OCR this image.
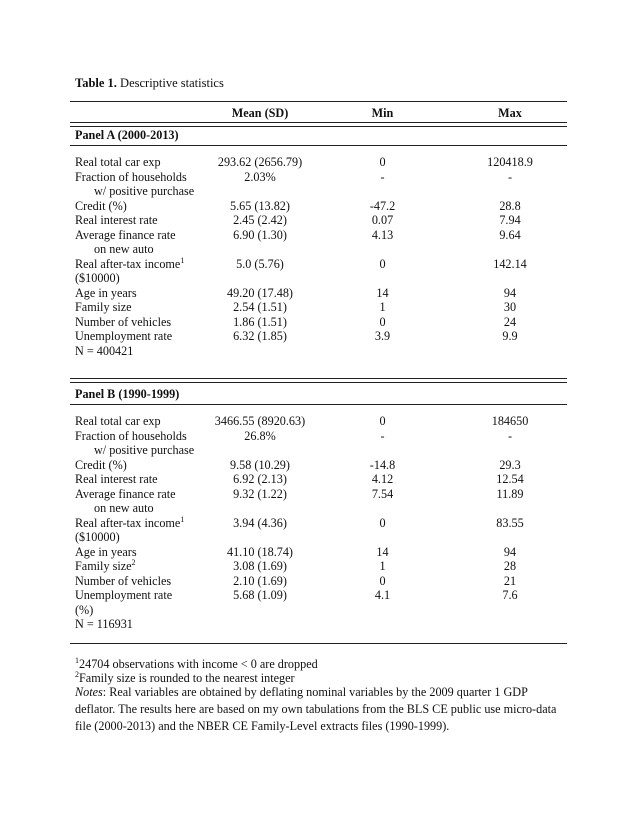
Table 1. Descriptive statistics
Mean (SD)	Min	Max
Panel A (2000-2013)
Real total car exp	293.62 (2656.79)	0	120418.9
Fraction of households	2.03%	-	-
w/ positive purchase
Credit (%)	5.65 (13.82)	-47.2	28.8
Real interest rate	2.45 (2.42)	0.07	7.94
Average finance rate	6.90 (1.30)	4.13	9.64
on new auto
Real after-tax income$^1$	5.0 (5.76)	0	142.14
($10000)
Age in years	49.20 (17.48)	14	94
Family size	2.54 (1.51)	1	30
Number of vehicles	1.86 (1.51)	0	24
Unemployment rate	6.32 (1.85)	3.9	9.9
N = 400421
Panel B (1990-1999)
Real total car exp	3466.55 (8920.63)	0	184650
Fraction of households	26.8%	-	-
w/ positive purchase
Credit (%)	9.58 (10.29)	-14.8	29.3
Real interest rate	6.92 (2.13)	4.12	12.54
Average finance rate	9.32 (1.22)	7.54	11.89
on new auto
Real after-tax income$^1$	3.94 (4.36)	0	83.55
($10000)
Age in years	41.10 (18.74)	14	94
Family size$^2$	3.08 (1.69)	1	28
Number of vehicles	2.10 (1.69)	0	21
Unemployment rate	5.68 (1.09)	4.1	7.6
(%)
N = 116931
$^1$24704 observations with income < 0 are dropped
$^2$Family size is rounded to the nearest integer
Notes: Real variables are obtained by deflating nominal variables by the 2009 quarter 1 GDP deflator. The results here are based on my own tabulations from the BLS CE public use micro-data file (2000-2013) and the NBER CE Family-Level extracts files (1990-1999).
